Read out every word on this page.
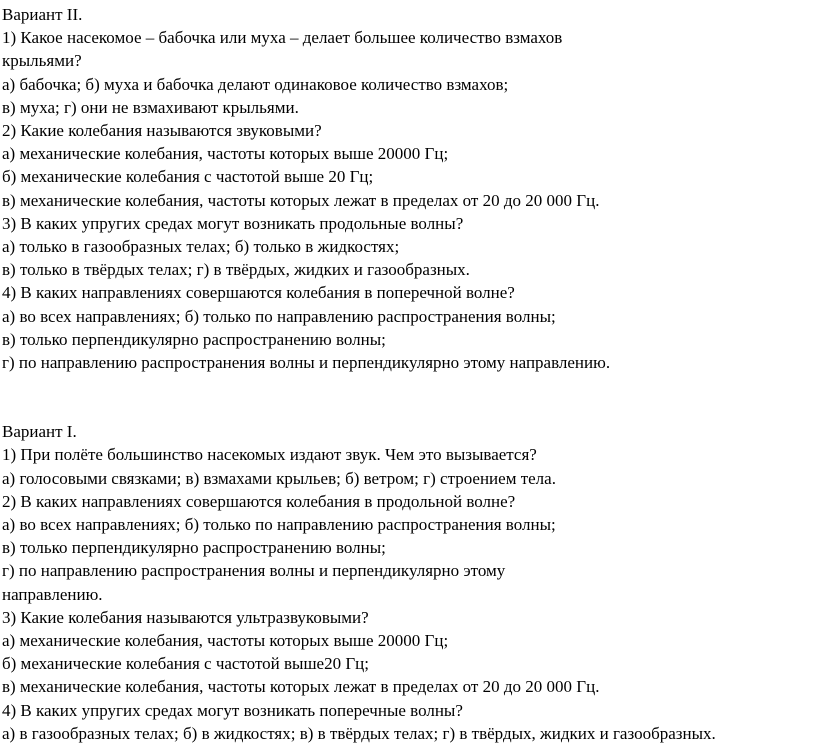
Вариант II.
1) Какое насекомое – бабочка или муха – делает большее количество взмахов
крыльями?
а) бабочка; б) муха и бабочка делают одинаковое количество взмахов;
в) муха; г) они не взмахивают крыльями.
2) Какие колебания называются звуковыми?
а) механические колебания, частоты которых выше 20000 Гц;
б) механические колебания с частотой выше 20 Гц;
в) механические колебания, частоты которых лежат в пределах от 20 до 20 000 Гц.
3) В каких упругих средах могут возникать продольные волны?
а) только в газообразных телах; б) только в жидкостях;
в) только в твёрдых телах; г) в твёрдых, жидких и газообразных.
4) В каких направлениях совершаются колебания в поперечной волне?
а) во всех направлениях; б) только по направлению распространения волны;
в) только перпендикулярно распространению волны;
г) по направлению распространения волны и перпендикулярно этому направлению.
Вариант I.
1) При полёте большинство насекомых издают звук. Чем это вызывается?
а) голосовыми связками; в) взмахами крыльев; б) ветром; г) строением тела.
2) В каких направлениях совершаются колебания в продольной волне?
а) во всех направлениях; б) только по направлению распространения волны;
в) только перпендикулярно распространению волны;
г) по направлению распространения волны и перпендикулярно этому
направлению.
3) Какие колебания называются ультразвуковыми?
а) механические колебания, частоты которых выше 20000 Гц;
б) механические колебания с частотой выше20 Гц;
в) механические колебания, частоты которых лежат в пределах от 20 до 20 000 Гц.
4) В каких упругих средах могут возникать поперечные волны?
а) в газообразных телах; б) в жидкостях; в) в твёрдых телах; г) в твёрдых, жидких и газообразных.
